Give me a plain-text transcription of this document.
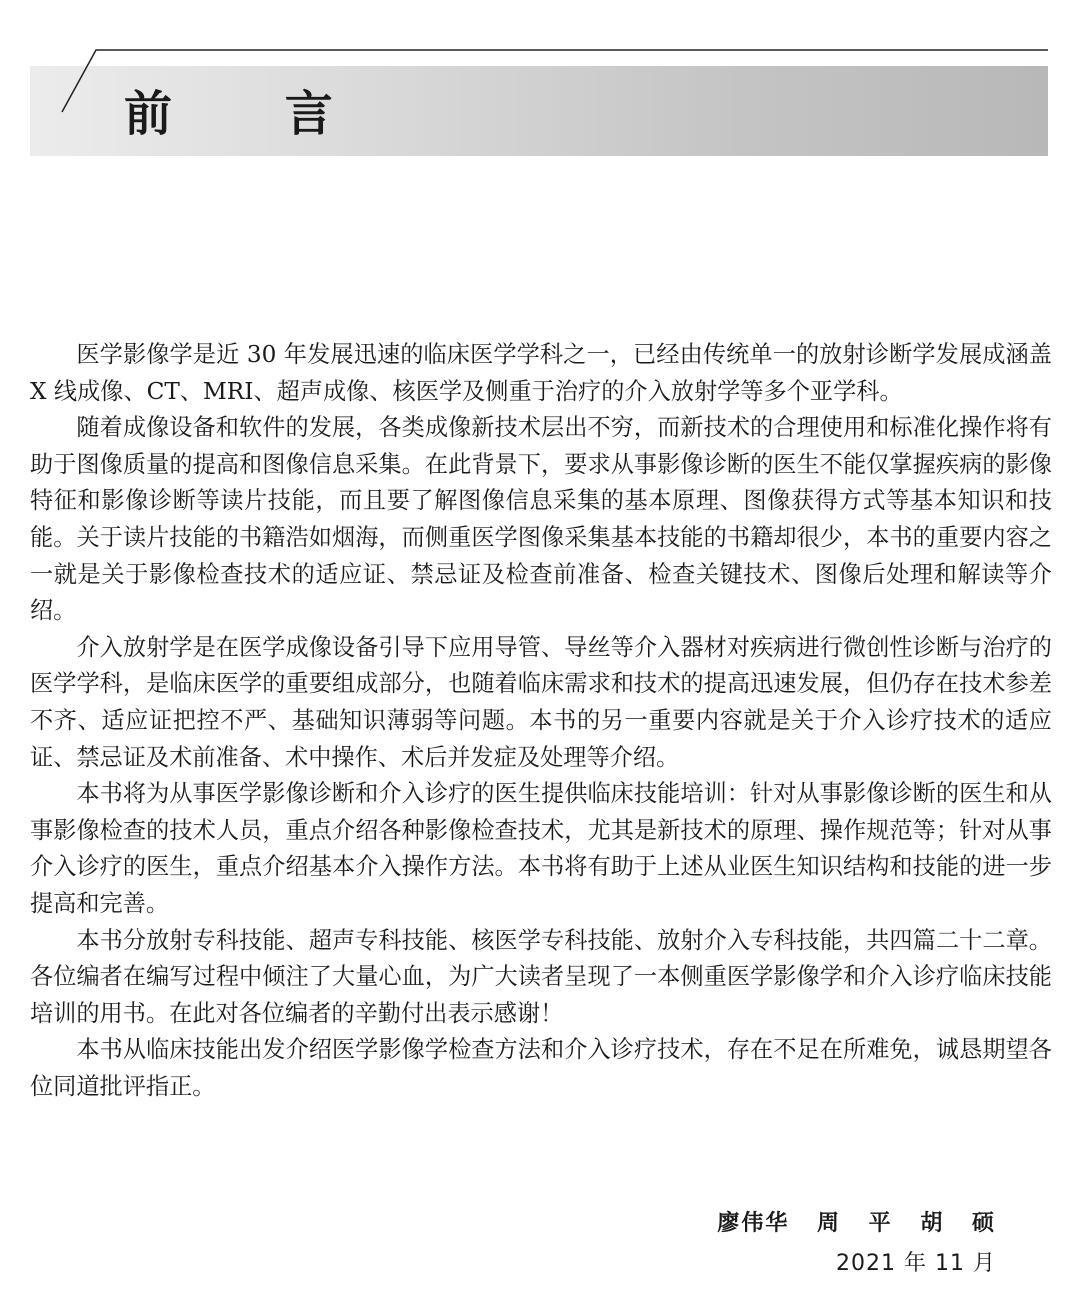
前 言

医学影像学是近 30 年发展迅速的临床医学学科之一，已经由传统单一的放射诊断学发展成涵盖 X 线成像、CT、MRI、超声成像、核医学及侧重于治疗的介入放射学等多个亚学科。

随着成像设备和软件的发展，各类成像新技术层出不穷，而新技术的合理使用和标准化操作将有助于图像质量的提高和图像信息采集。在此背景下，要求从事影像诊断的医生不能仅掌握疾病的影像特征和影像诊断等读片技能，而且要了解图像信息采集的基本原理、图像获得方式等基本知识和技能。关于读片技能的书籍浩如烟海，而侧重医学图像采集基本技能的书籍却很少，本书的重要内容之一就是关于影像检查技术的适应证、禁忌证及检查前准备、检查关键技术、图像后处理和解读等介绍。

介入放射学是在医学成像设备引导下应用导管、导丝等介入器材对疾病进行微创性诊断与治疗的医学学科，是临床医学的重要组成部分，也随着临床需求和技术的提高迅速发展，但仍存在技术参差不齐、适应证把控不严、基础知识薄弱等问题。本书的另一重要内容就是关于介入诊疗技术的适应证、禁忌证及术前准备、术中操作、术后并发症及处理等介绍。

本书将为从事医学影像诊断和介入诊疗的医生提供临床技能培训：针对从事影像诊断的医生和从事影像检查的技术人员，重点介绍各种影像检查技术，尤其是新技术的原理、操作规范等；针对从事介入诊疗的医生，重点介绍基本介入操作方法。本书将有助于上述从业医生知识结构和技能的进一步提高和完善。

本书分放射专科技能、超声专科技能、核医学专科技能、放射介入专科技能，共四篇二十二章。各位编者在编写过程中倾注了大量心血，为广大读者呈现了一本侧重医学影像学和介入诊疗临床技能培训的用书。在此对各位编者的辛勤付出表示感谢！

本书从临床技能出发介绍医学影像学检查方法和介入诊疗技术，存在不足在所难免，诚恳期望各位同道批评指正。

廖伟华 周 平 胡 硕
2021 年 11 月
